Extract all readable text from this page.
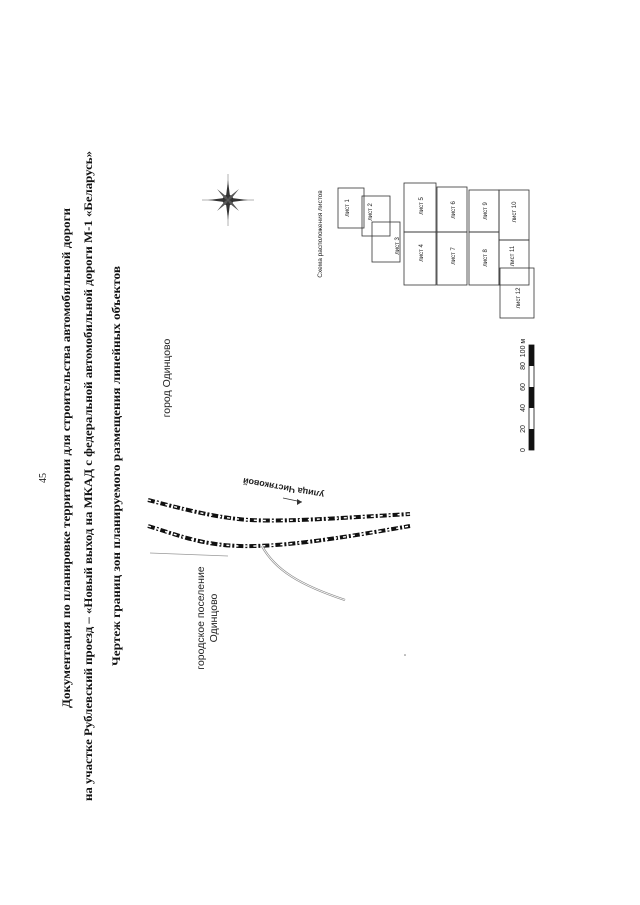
45 Документация по планировке территории для строительства автомобильной дороги на участке Рублевский проезд – «Новый выход на МКАД с федеральной автомобильной дороги М-1 «Беларусь» Чертеж границ зон планируемого размещения линейных объектов	город Одинцово
городское поселение Одинцово
улица Чистяковой
Схема расположения листов	лист 1	лист 2
лист 3	лист 4
лист 5	лист 6
лист 7	лист 8
лист 9	лист 10
лист 11
лист 12
0
20
40
60
80
100 м
